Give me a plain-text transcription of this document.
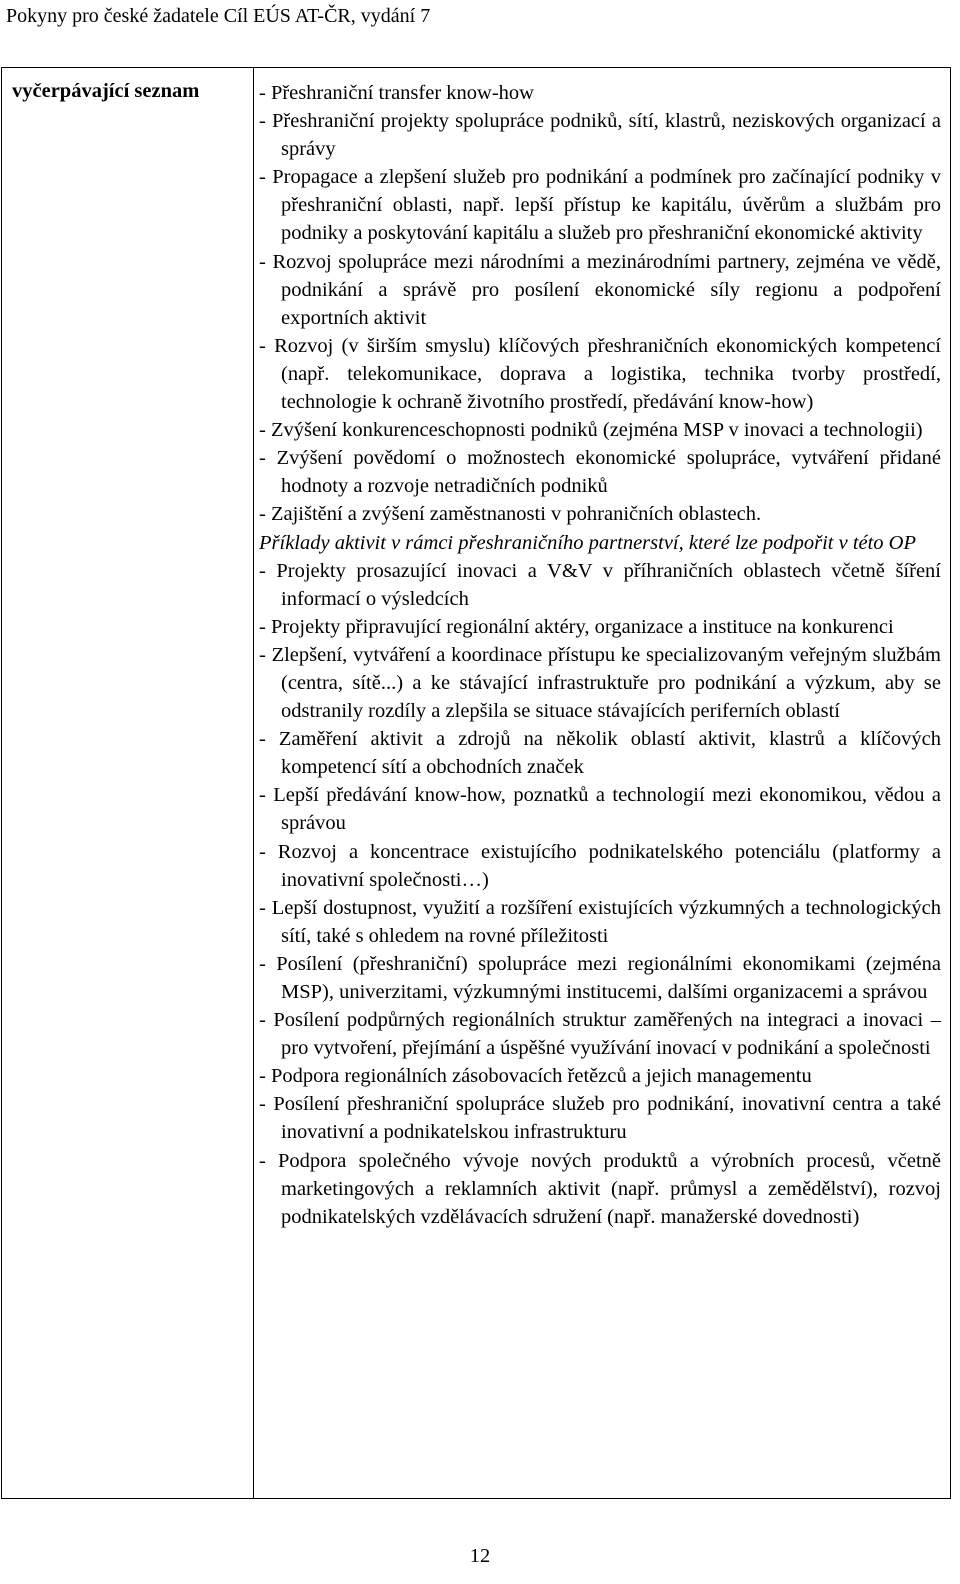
Pokyny pro české žadatele Cíl EÚS AT-ČR, vydání 7
vyčerpávající seznam	- Přeshraniční transfer know-how

- Přeshraniční projekty spolupráce podniků, sítí, klastrů, neziskových organizací a správy

- Propagace a zlepšení služeb pro podnikání a podmínek pro začínající podniky v přeshraniční oblasti, např. lepší přístup ke kapitálu, úvěrům a službám pro podniky a poskytování kapitálu a služeb pro přeshraniční ekonomické aktivity

- Rozvoj spolupráce mezi národními a mezinárodními partnery, zejména ve vědě, podnikání a správě pro posílení ekonomické síly regionu a podpoření exportních aktivit

- Rozvoj (v širším smyslu) klíčových přeshraničních ekonomických kompetencí (např. telekomunikace, doprava a logistika, technika tvorby prostředí, technologie k ochraně životního prostředí, předávání know-how)

- Zvýšení konkurenceschopnosti podniků (zejména MSP v inovaci a technologii)

- Zvýšení povědomí o možnostech ekonomické spolupráce, vytváření přidané hodnoty a rozvoje netradičních podniků

- Zajištění a zvýšení zaměstnanosti v pohraničních oblastech.

Příklady aktivit v rámci přeshraničního partnerství, které lze podpořit v této OP

- Projekty prosazující inovaci a V&V v příhraničních oblastech včetně šíření informací o výsledcích

- Projekty připravující regionální aktéry, organizace a instituce na konkurenci

- Zlepšení, vytváření a koordinace přístupu ke specializovaným veřejným službám (centra, sítě...) a ke stávající infrastruktuře pro podnikání a výzkum, aby se odstranily rozdíly a zlepšila se situace stávajících periferních oblastí

- Zaměření aktivit a zdrojů na několik oblastí aktivit, klastrů a klíčových kompetencí sítí a obchodních značek

- Lepší předávání know-how, poznatků a technologií mezi ekonomikou, vědou a správou

- Rozvoj a koncentrace existujícího podnikatelského potenciálu (platformy a inovativní společnosti…)

- Lepší dostupnost, využití a rozšíření existujících výzkumných a technologických sítí, také s ohledem na rovné příležitosti

- Posílení (přeshraniční) spolupráce mezi regionálními ekonomikami (zejména MSP), univerzitami, výzkumnými institucemi, dalšími organizacemi a správou

- Posílení podpůrných regionálních struktur zaměřených na integraci a inovaci – pro vytvoření, přejímání a úspěšné využívání inovací v podnikání a společnosti

- Podpora regionálních zásobovacích řetězců a jejich managementu

- Posílení přeshraniční spolupráce služeb pro podnikání, inovativní centra a také inovativní a podnikatelskou infrastrukturu

- Podpora společného vývoje nových produktů a výrobních procesů, včetně marketingových a reklamních aktivit (např. průmysl a zemědělství), rozvoj podnikatelských vzdělávacích sdružení (např. manažerské dovednosti)

12
